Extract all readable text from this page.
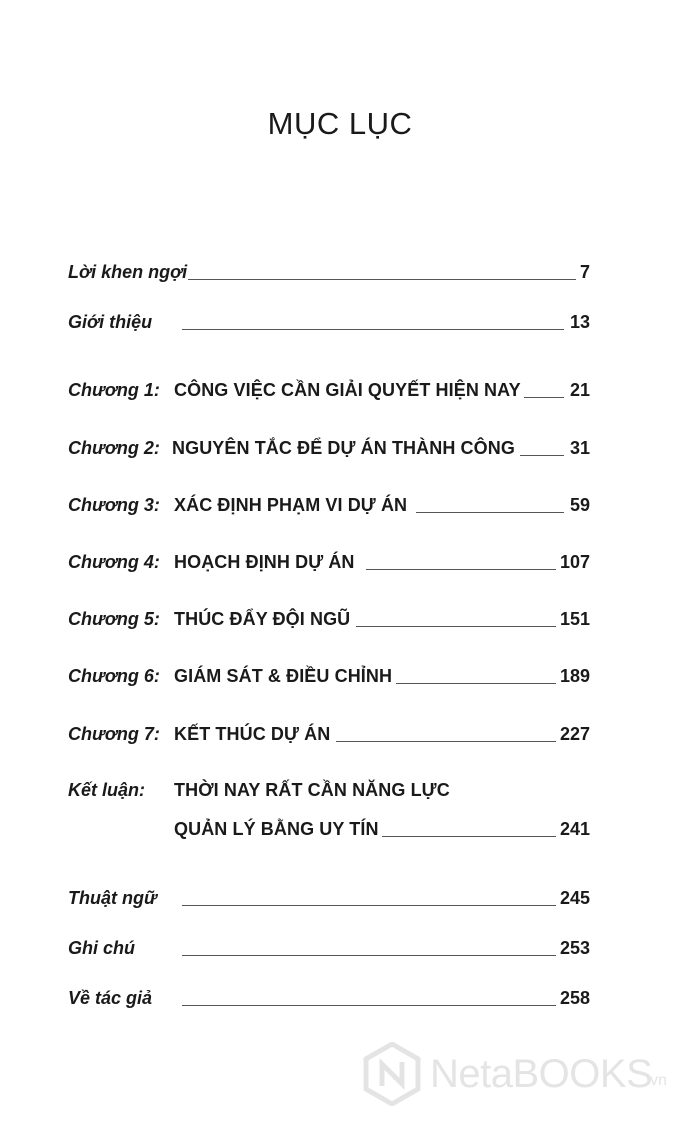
MỤC LỤC
Lời khen ngợi	7
Giới thiệu	13
Chương 1: CÔNG VIỆC CẦN GIẢI QUYẾT HIỆN NAY	21
Chương 2: NGUYÊN TẮC ĐỂ DỰ ÁN THÀNH CÔNG	31
Chương 3: XÁC ĐỊNH PHẠM VI DỰ ÁN	59
Chương 4: HOẠCH ĐỊNH DỰ ÁN	107
Chương 5: THÚC ĐẨY ĐỘI NGŨ	151
Chương 6: GIÁM SÁT & ĐIỀU CHỈNH	189
Chương 7: KẾT THÚC DỰ ÁN	227
Kết luận: THỜI NAY RẤT CẦN NĂNG LỰC
QUẢN LÝ BẰNG UY TÍN	241
Thuật ngữ	245
Ghi chú	253
Về tác giả	258
NetaBOOKS
vn
